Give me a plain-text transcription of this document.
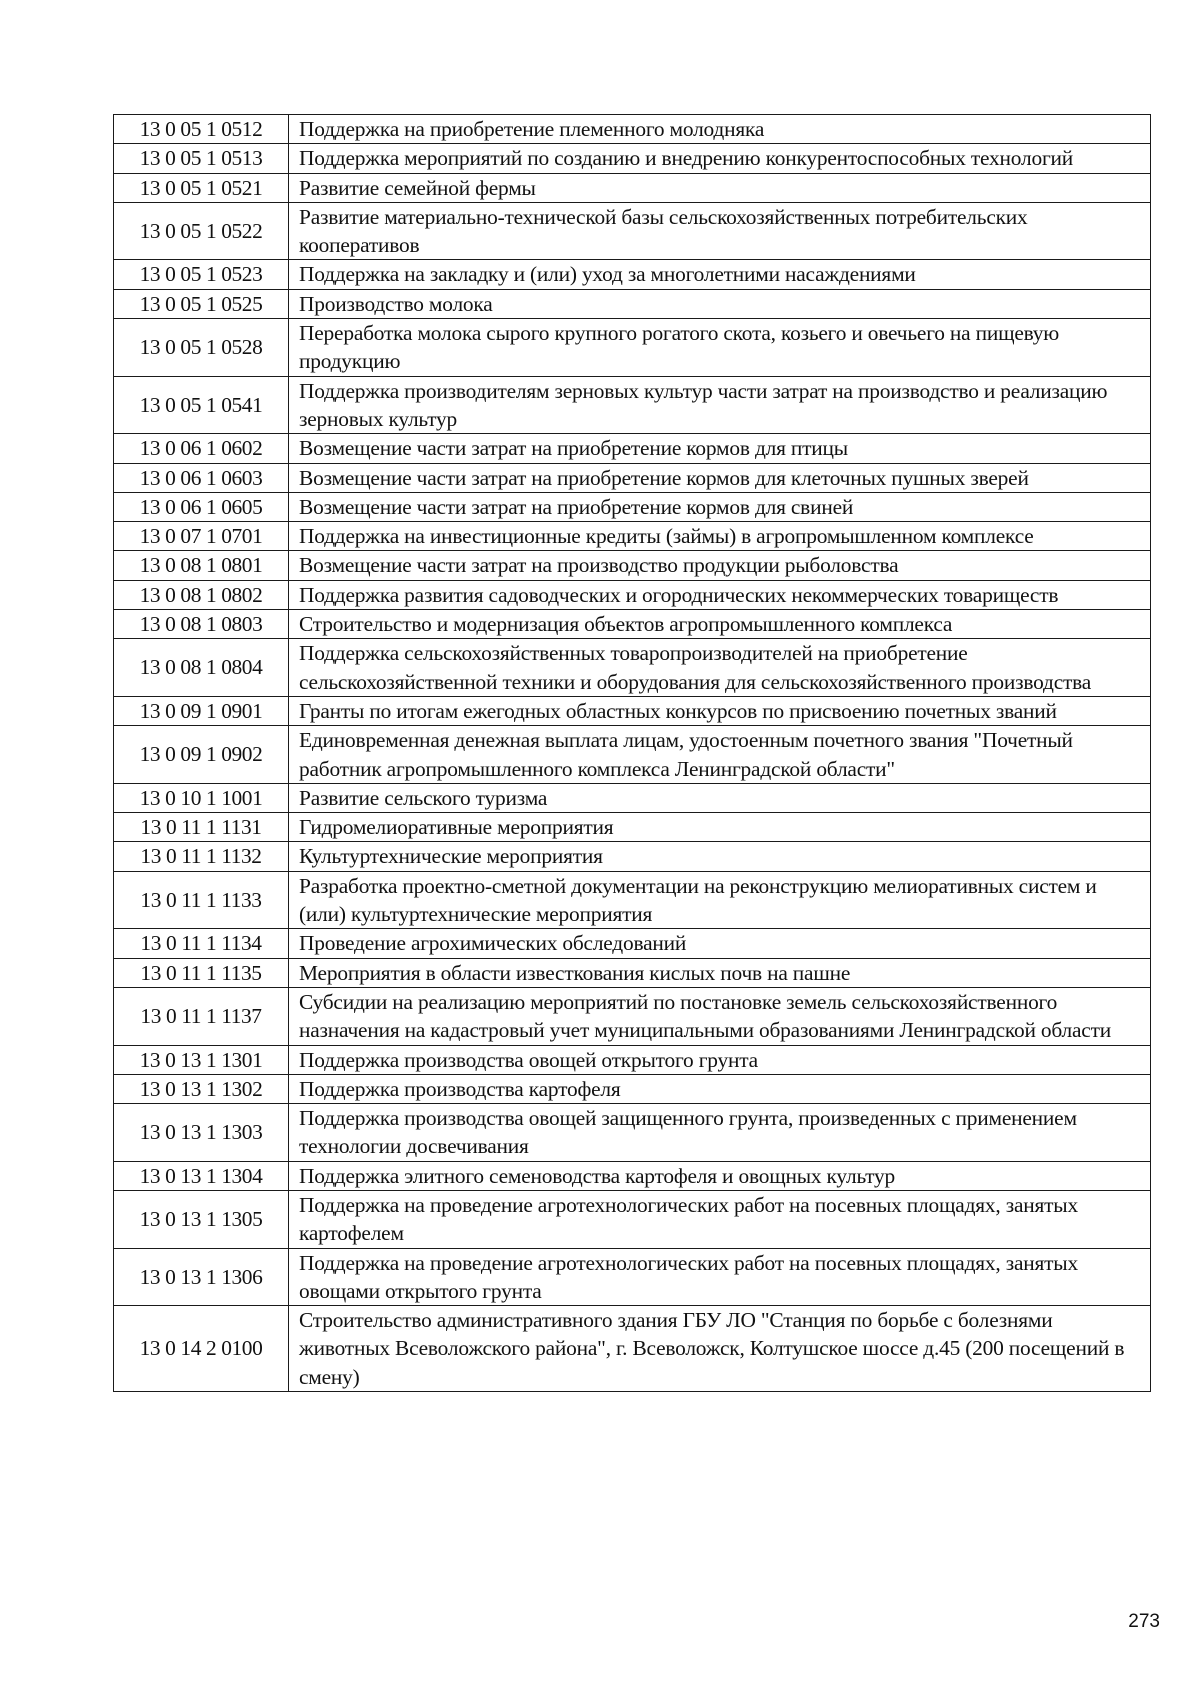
13 0 05 1 0512	Поддержка на приобретение племенного молодняка
13 0 05 1 0513	Поддержка мероприятий по созданию и внедрению конкурентоспособных технологий
13 0 05 1 0521	Развитие семейной фермы
13 0 05 1 0522	Развитие материально-технической базы сельскохозяйственных потребительских кооперативов
13 0 05 1 0523	Поддержка на закладку и (или) уход за многолетними насаждениями
13 0 05 1 0525	Производство молока
13 0 05 1 0528	Переработка молока сырого крупного рогатого скота, козьего и овечьего на пищевую продукцию
13 0 05 1 0541	Поддержка производителям зерновых культур части затрат на производство и реализацию зерновых культур
13 0 06 1 0602	Возмещение части затрат на приобретение кормов для птицы
13 0 06 1 0603	Возмещение части затрат на приобретение кормов для клеточных пушных зверей
13 0 06 1 0605	Возмещение части затрат на приобретение кормов для свиней
13 0 07 1 0701	Поддержка на инвестиционные кредиты (займы) в агропромышленном комплексе
13 0 08 1 0801	Возмещение части затрат на производство продукции рыболовства
13 0 08 1 0802	Поддержка развития садоводческих и огороднических некоммерческих товариществ
13 0 08 1 0803	Строительство и модернизация объектов агропромышленного комплекса
13 0 08 1 0804	Поддержка сельскохозяйственных товаропроизводителей на приобретение сельскохозяйственной техники и оборудования для сельскохозяйственного производства
13 0 09 1 0901	Гранты по итогам ежегодных областных конкурсов по присвоению почетных званий
13 0 09 1 0902	Единовременная денежная выплата лицам, удостоенным почетного звания "Почетный работник агропромышленного комплекса Ленинградской области"
13 0 10 1 1001	Развитие сельского туризма
13 0 11 1 1131	Гидромелиоративные мероприятия
13 0 11 1 1132	Культуртехнические мероприятия
13 0 11 1 1133	Разработка проектно-сметной документации на реконструкцию мелиоративных систем и (или) культуртехнические мероприятия
13 0 11 1 1134	Проведение агрохимических обследований
13 0 11 1 1135	Мероприятия в области известкования кислых почв на пашне
13 0 11 1 1137	Субсидии на реализацию мероприятий по постановке земель сельскохозяйственного назначения на кадастровый учет муниципальными образованиями Ленинградской области
13 0 13 1 1301	Поддержка производства овощей открытого грунта
13 0 13 1 1302	Поддержка производства картофеля
13 0 13 1 1303	Поддержка производства овощей защищенного грунта, произведенных с применением технологии досвечивания
13 0 13 1 1304	Поддержка элитного семеноводства картофеля и овощных культур
13 0 13 1 1305	Поддержка на проведение агротехнологических работ на посевных площадях, занятых картофелем
13 0 13 1 1306	Поддержка на проведение агротехнологических работ на посевных площадях, занятых овощами открытого грунта
13 0 14 2 0100	Строительство административного здания ГБУ ЛО "Станция по борьбе с болезнями животных Всеволожского района", г. Всеволожск, Колтушское шоссе д.45 (200 посещений в смену)
273
